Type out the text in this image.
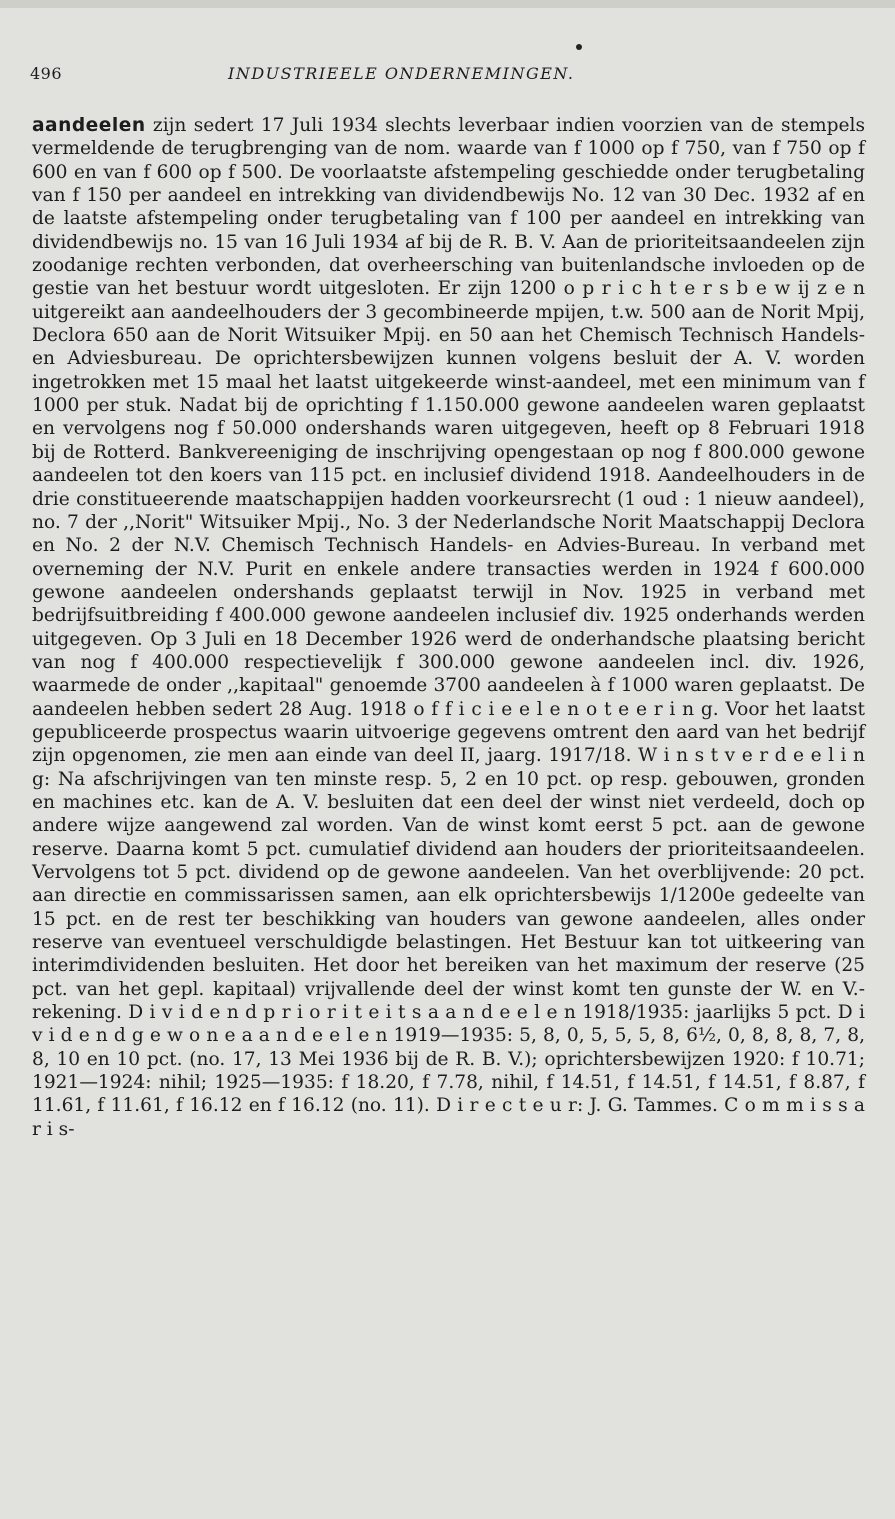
496	INDUSTRIEELE ONDERNEMINGEN.

aandeelen zijn sedert 17 Juli 1934 slechts leverbaar indien voorzien van de stempels vermeldende de terugbrenging van de nom. waarde van f 1000 op f 750, van f 750 op f 600 en van f 600 op f 500. De voorlaatste afstempeling geschiedde onder terugbetaling van f 150 per aandeel en intrekking van dividendbewijs No. 12 van 30 Dec. 1932 af en de laatste afstempeling onder terugbetaling van f 100 per aandeel en intrekking van dividendbewijs no. 15 van 16 Juli 1934 af bij de R. B. V. Aan de prioriteitsaandeelen zijn zoodanige rechten verbonden, dat overheersching van buitenlandsche invloeden op de gestie van het bestuur wordt uitgesloten. Er zijn 1200 o p r i c h t e r s b e w ij z e n uitgereikt aan aandeelhouders der 3 gecombineerde mpijen, t.w. 500 aan de Norit Mpij, Declora 650 aan de Norit Witsuiker Mpij. en 50 aan het Chemisch Technisch Handels- en Adviesbureau. De oprichtersbewijzen kunnen volgens besluit der A. V. worden ingetrokken met 15 maal het laatst uitgekeerde winst-aandeel, met een minimum van f 1000 per stuk. Nadat bij de oprichting f 1.150.000 gewone aandeelen waren geplaatst en vervolgens nog f 50.000 ondershands waren uitgegeven, heeft op 8 Februari 1918 bij de Rotterd. Bankvereeniging de inschrijving opengestaan op nog f 800.000 gewone aandeelen tot den koers van 115 pct. en inclusief dividend 1918. Aandeelhouders in de drie constitueerende maatschappijen hadden voorkeursrecht (1 oud : 1 nieuw aandeel), no. 7 der ,,Norit" Witsuiker Mpij., No. 3 der Nederlandsche Norit Maatschappij Declora en No. 2 der N.V. Chemisch Technisch Handels- en Advies-Bureau. In verband met overneming der N.V. Purit en enkele andere transacties werden in 1924 f 600.000 gewone aandeelen ondershands geplaatst terwijl in Nov. 1925 in verband met bedrijfsuitbreiding f 400.000 gewone aandeelen inclusief div. 1925 onderhands werden uitgegeven. Op 3 Juli en 18 December 1926 werd de onderhandsche plaatsing bericht van nog f 400.000 respectievelijk f 300.000 gewone aandeelen incl. div. 1926, waarmede de onder ,,kapitaal" genoemde 3700 aandeelen à f 1000 waren geplaatst. De aandeelen hebben sedert 28 Aug. 1918 o f f i c i e e l e n o t e e r i n g. Voor het laatst gepubliceerde prospectus waarin uitvoerige gegevens omtrent den aard van het bedrijf zijn opgenomen, zie men aan einde van deel II, jaarg. 1917/18. W i n s t v e r d e e l i n g: Na afschrijvingen van ten minste resp. 5, 2 en 10 pct. op resp. gebouwen, gronden en machines etc. kan de A. V. besluiten dat een deel der winst niet verdeeld, doch op andere wijze aangewend zal worden. Van de winst komt eerst 5 pct. aan de gewone reserve. Daarna komt 5 pct. cumulatief dividend aan houders der prioriteitsaandeelen. Vervolgens tot 5 pct. dividend op de gewone aandeelen. Van het overblijvende: 20 pct. aan directie en commissarissen samen, aan elk oprichtersbewijs 1/1200e gedeelte van 15 pct. en de rest ter beschikking van houders van gewone aandeelen, alles onder reserve van eventueel verschuldigde belastingen. Het Bestuur kan tot uitkeering van interimdividenden besluiten. Het door het bereiken van het maximum der reserve (25 pct. van het gepl. kapitaal) vrijvallende deel der winst komt ten gunste der W. en V.-rekening. D i v i d e n d p r i o r i t e i t s a a n d e e l e n 1918/1935: jaarlijks 5 pct. D i v i d e n d g e w o n e a a n d e e l e n 1919—1935: 5, 8, 0, 5, 5, 5, 8, 6½, 0, 8, 8, 8, 7, 8, 8, 10 en 10 pct. (no. 17, 13 Mei 1936 bij de R. B. V.); oprichtersbewijzen 1920: f 10.71; 1921—1924: nihil; 1925—1935: f 18.20, f 7.78, nihil, f 14.51, f 14.51, f 14.51, f 8.87, f 11.61, f 11.61, f 16.12 en f 16.12 (no. 11). D i r e c t e u r: J. G. Tammes. C o m m i s s a r i s-
